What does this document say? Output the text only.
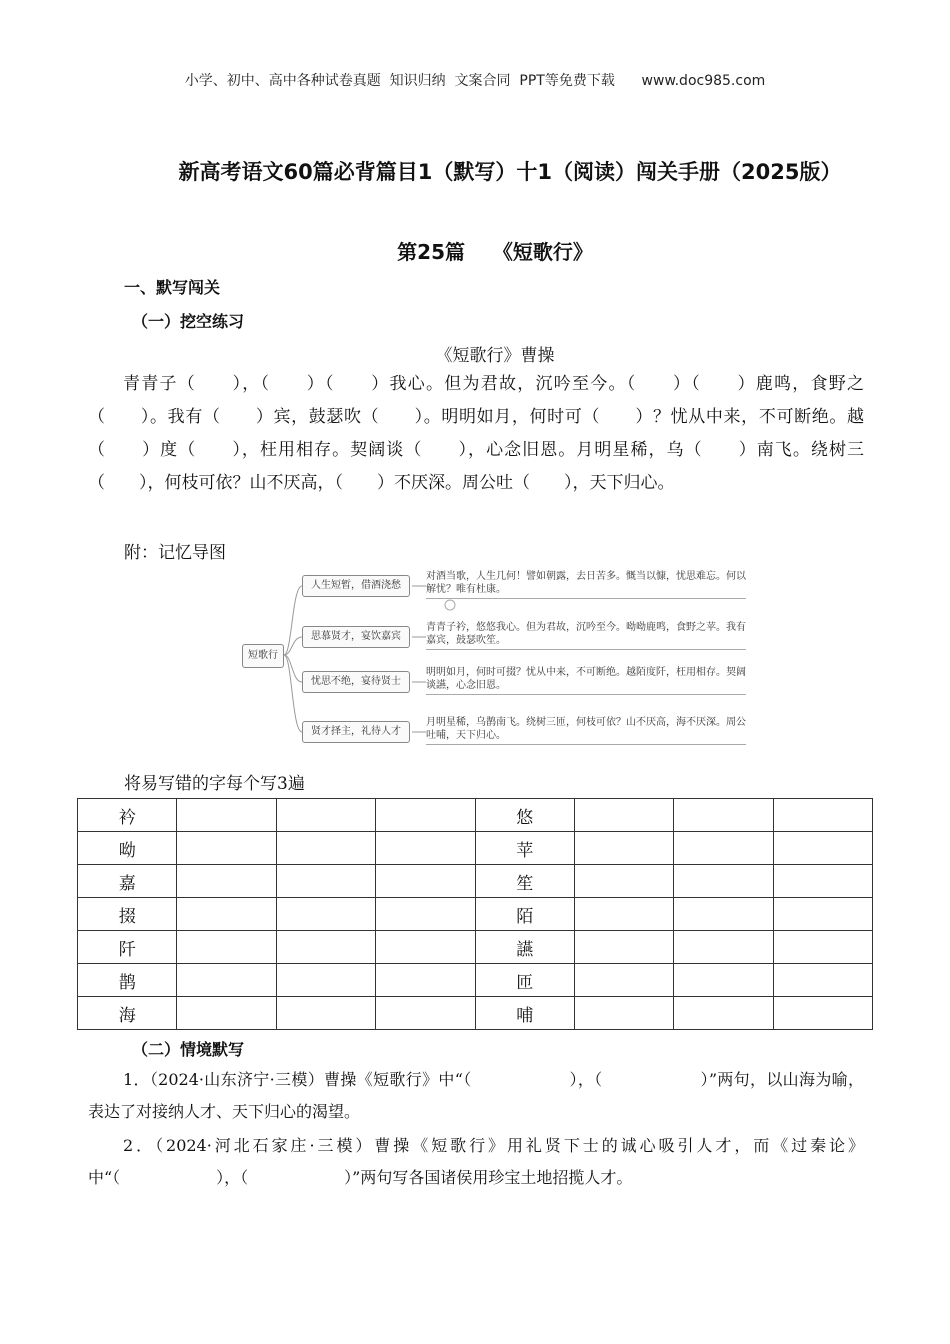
小学、初中、高中各种试卷真题  知识归纳  文案合同  PPT等免费下载      www.doc985.com
新高考语文60篇必背篇目1（默写）十1（阅读）闯关手册（2025版）
第25篇    《短歌行》
一、默写闯关
（一）挖空练习
《短歌行》曹操
青青子（　　），（　　）（　　）我心。但为君故，沉吟至今。（　　）（　　）鹿鸣，食野之（　　）。我有（　　）宾，鼓瑟吹（　　）。明明如月，何时可（　　）？忧从中来，不可断绝。越（　　）度（　　），枉用相存。契阔谈（　　），心念旧恩。月明星稀，乌（　　）南飞。绕树三（　　），何枝可依？山不厌高，（　　）不厌深。周公吐（　　），天下归心。
附：记忆导图
短歌行
人生短暂，借酒浇愁
对酒当歌，人生几何！譬如朝露，去日苦多。慨当以慷，忧思难忘。何以解忧？唯有杜康。
思慕贤才，宴饮嘉宾
青青子衿，悠悠我心。但为君故，沉吟至今。呦呦鹿鸣，食野之苹。我有嘉宾，鼓瑟吹笙。
忧思不绝，宴待贤士
明明如月，何时可掇？忧从中来，不可断绝。越陌度阡，枉用相存。契阔谈讌，心念旧恩。
贤才择主，礼待人才
月明星稀，乌鹊南飞。绕树三匝，何枝可依？山不厌高，海不厌深。周公吐哺，天下归心。
将易写错的字每个写3遍
衿				悠			
呦				苹			
嘉				笙			
掇				陌			
阡				讌			
鹊				匝			
海				哺			
（二）情境默写
1．（2024·山东济宁·三模）曹操《短歌行》中“（　　　　　　），（　　　　　　）”两句，以山海为喻，表达了对接纳人才、天下归心的渴望。
2．（2024·河北石家庄·三模）曹操《短歌行》用礼贤下士的诚心吸引人才，而《过秦论》中“（　　　　　　），（　　　　　　）”两句写各国诸侯用珍宝土地招揽人才。
